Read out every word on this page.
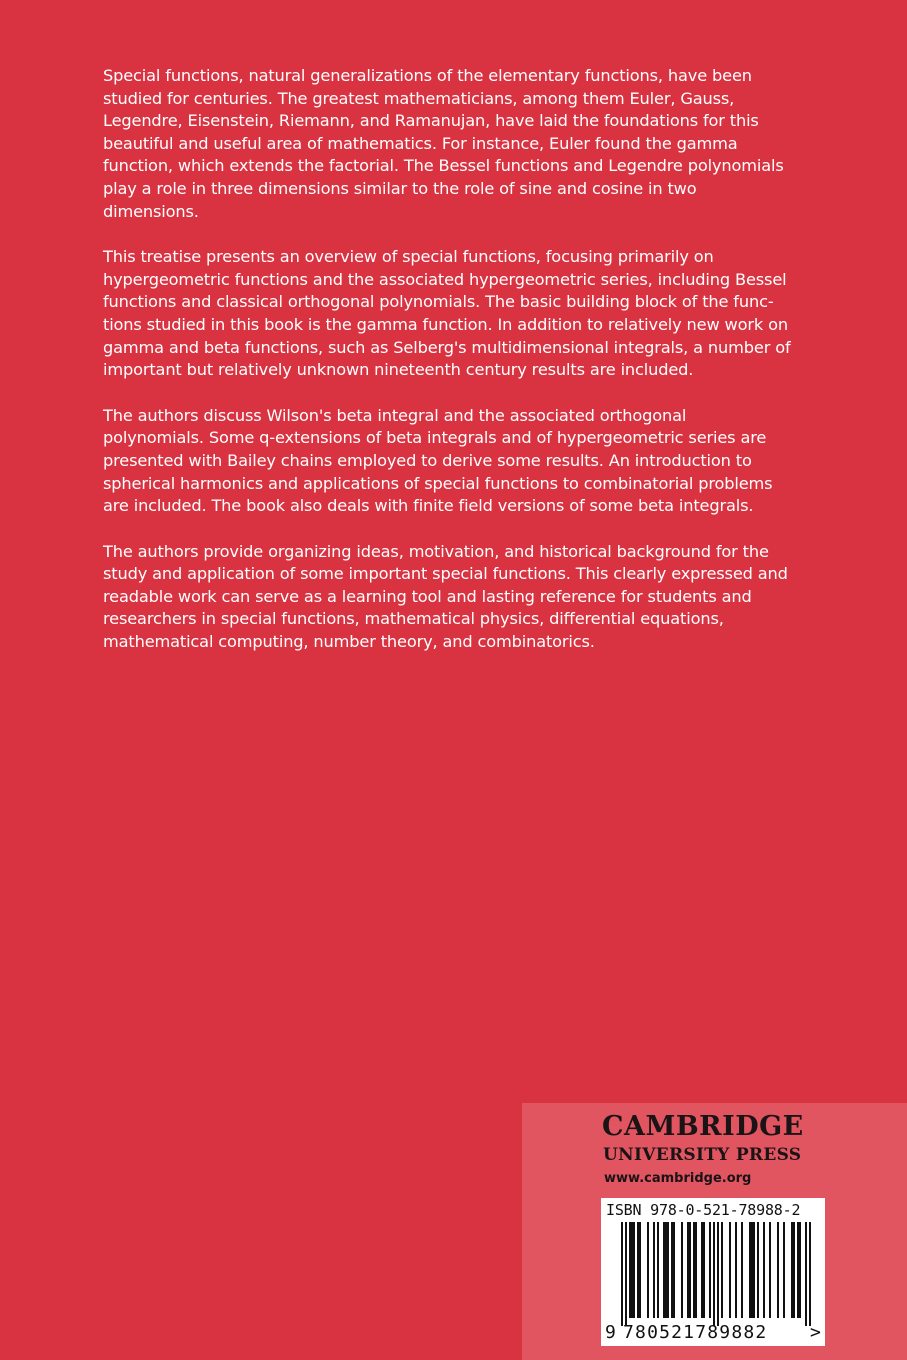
Special functions, natural generalizations of the elementary functions, have been
studied for centuries. The greatest mathematicians, among them Euler, Gauss,
Legendre, Eisenstein, Riemann, and Ramanujan, have laid the foundations for this
beautiful and useful area of mathematics. For instance, Euler found the gamma
function, which extends the factorial. The Bessel functions and Legendre polynomials
play a role in three dimensions similar to the role of sine and cosine in two
dimensions.
This treatise presents an overview of special functions, focusing primarily on
hypergeometric functions and the associated hypergeometric series, including Bessel
functions and classical orthogonal polynomials. The basic building block of the func-
tions studied in this book is the gamma function. In addition to relatively new work on
gamma and beta functions, such as Selberg's multidimensional integrals, a number of
important but relatively unknown nineteenth century results are included.
The authors discuss Wilson's beta integral and the associated orthogonal
polynomials. Some q-extensions of beta integrals and of hypergeometric series are
presented with Bailey chains employed to derive some results. An introduction to
spherical harmonics and applications of special functions to combinatorial problems
are included. The book also deals with finite field versions of some beta integrals.
The authors provide organizing ideas, motivation, and historical background for the
study and application of some important special functions. This clearly expressed and
readable work can serve as a learning tool and lasting reference for students and
researchers in special functions, mathematical physics, differential equations,
mathematical computing, number theory, and combinatorics.
CAMBRIDGE
UNIVERSITY PRESS
www.cambridge.org
ISBN 978-0-521-78988-2
9 780521789882 >
